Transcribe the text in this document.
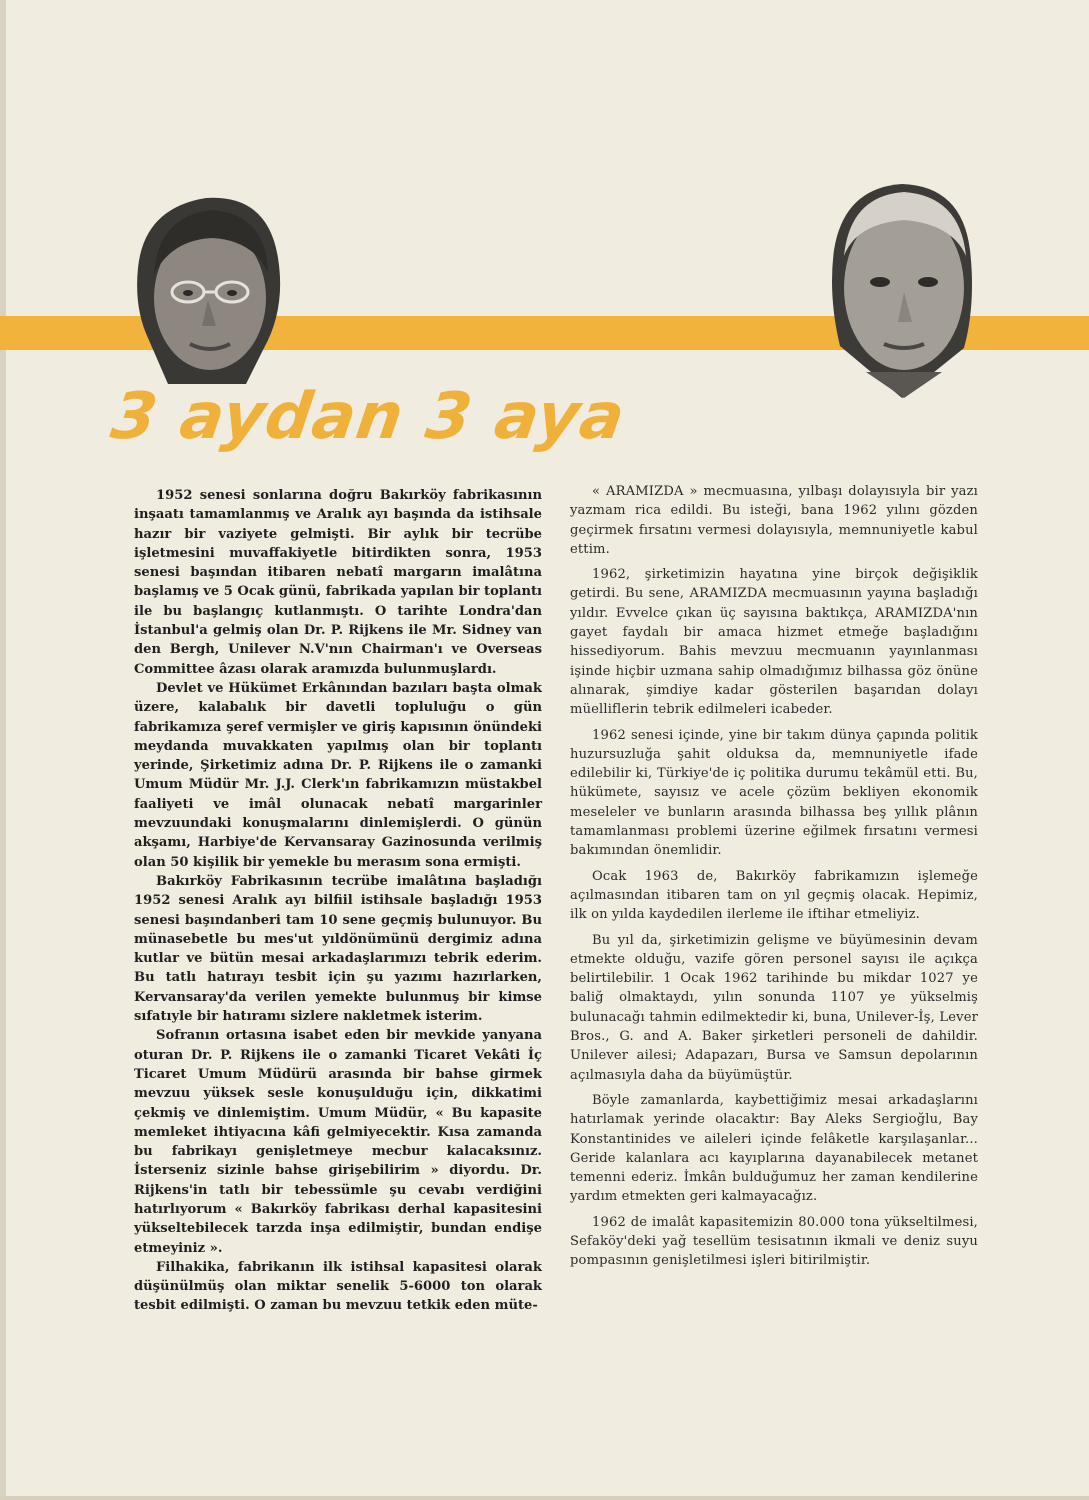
3 aydan 3 aya

1952 senesi sonlarına doğru Bakırköy fabrikasının inşaatı tamamlanmış ve Aralık ayı başında da istihsale hazır bir vaziyete gelmişti. Bir aylık bir tecrübe işletmesini muvaffakiyetle bitirdikten sonra, 1953 senesi başından itibaren nebatî margarın imalâtına başlamış ve 5 Ocak günü, fabrikada yapılan bir toplantı ile bu başlangıç kutlanmıştı. O tarihte Londra'dan İstanbul'a gelmiş olan Dr. P. Rijkens ile Mr. Sidney van den Bergh, Unilever N.V'nın Chairman'ı ve Overseas Committee âzası olarak aramızda bulunmuşlardı.

Devlet ve Hükümet Erkânından bazıları başta olmak üzere, kalabalık bir davetli topluluğu o gün fabrikamıza şeref vermişler ve giriş kapısının önündeki meydanda muvakkaten yapılmış olan bir toplantı yerinde, Şirketimiz adına Dr. P. Rijkens ile o zamanki Umum Müdür Mr. J.J. Clerk'ın fabrikamızın müstakbel faaliyeti ve imâl olunacak nebatî margarinler mevzuundaki konuşmalarını dinlemişlerdi. O günün akşamı, Harbiye'de Kervansaray Gazinosunda verilmiş olan 50 kişilik bir yemekle bu merasım sona ermişti.

Bakırköy Fabrikasının tecrübe imalâtına başladığı 1952 senesi Aralık ayı bilfiil istihsale başladığı 1953 senesi başındanberi tam 10 sene geçmiş bulunuyor. Bu münasebetle bu mes'ut yıldönümünü dergimiz adına kutlar ve bütün mesai arkadaşlarımızı tebrik ederim. Bu tatlı hatırayı tesbit için şu yazımı hazırlarken, Kervansaray'da verilen yemekte bulunmuş bir kimse sıfatıyle bir hatıramı sizlere nakletmek isterim.

Sofranın ortasına isabet eden bir mevkide yanyana oturan Dr. P. Rijkens ile o zamanki Ticaret Vekâti İç Ticaret Umum Müdürü arasında bir bahse girmek mevzuu yüksek sesle konuşulduğu için, dikkatimi çekmiş ve dinlemiştim. Umum Müdür, « Bu kapasite memleket ihtiyacına kâfi gelmiyecektir. Kısa zamanda bu fabrikayı genişletmeye mecbur kalacaksınız. İsterseniz sizinle bahse girişebilirim » diyordu. Dr. Rijkens'in tatlı bir tebessümle şu cevabı verdiğini hatırlıyorum « Bakırköy fabrikası derhal kapasitesini yükseltebilecek tarzda inşa edilmiştir, bundan endişe etmeyiniz ».

Filhakika, fabrikanın ilk istihsal kapasitesi olarak düşünülmüş olan miktar senelik 5-6000 ton olarak tesbit edilmişti. O zaman bu mevzuu tetkik eden müte-

« ARAMIZDA » mecmuasına, yılbaşı dolayısıyla bir yazı yazmam rica edildi. Bu isteği, bana 1962 yılını gözden geçirmek fırsatını vermesi dolayısıyla, memnuniyetle kabul ettim.

1962, şirketimizin hayatına yine birçok değişiklik getirdi. Bu sene, ARAMIZDA mecmuasının yayına başladığı yıldır. Evvelce çıkan üç sayısına baktıkça, ARAMIZDA'nın gayet faydalı bir amaca hizmet etmeğe başladığını hissediyorum. Bahis mevzuu mecmuanın yayınlanması işinde hiçbir uzmana sahip olmadığımız bilhassa göz önüne alınarak, şimdiye kadar gösterilen başarıdan dolayı müelliflerin tebrik edilmeleri icabeder.

1962 senesi içinde, yine bir takım dünya çapında politik huzursuzluğa şahit olduksa da, memnuniyetle ifade edilebilir ki, Türkiye'de iç politika durumu tekâmül etti. Bu, hükümete, sayısız ve acele çözüm bekliyen ekonomik meseleler ve bunların arasında bilhassa beş yıllık plânın tamamlanması problemi üzerine eğilmek fırsatını vermesi bakımından önemlidir.

Ocak 1963 de, Bakırköy fabrikamızın işlemeğe açılmasından itibaren tam on yıl geçmiş olacak. Hepimiz, ilk on yılda kaydedilen ilerleme ile iftihar etmeliyiz.

Bu yıl da, şirketimizin gelişme ve büyümesinin devam etmekte olduğu, vazife gören personel sayısı ile açıkça belirtilebilir. 1 Ocak 1962 tarihinde bu mikdar 1027 ye baliğ olmaktaydı, yılın sonunda 1107 ye yükselmiş bulunacağı tahmin edilmektedir ki, buna, Unilever-İş, Lever Bros., G. and A. Baker şirketleri personeli de dahildir. Unilever ailesi; Adapazarı, Bursa ve Samsun depolarının açılmasıyla daha da büyümüştür.

Böyle zamanlarda, kaybettiğimiz mesai arkadaşlarını hatırlamak yerinde olacaktır: Bay Aleks Sergioğlu, Bay Konstantinides ve aileleri içinde felâketle karşılaşanlar... Geride kalanlara acı kayıplarına dayanabilecek metanet temenni ederiz. İmkân bulduğumuz her zaman kendilerine yardım etmekten geri kalmayacağız.

1962 de imalât kapasitemizin 80.000 tona yükseltilmesi, Sefaköy'deki yağ tesellüm tesisatının ikmali ve deniz suyu pompasının genişletilmesi işleri bitirilmiştir.
